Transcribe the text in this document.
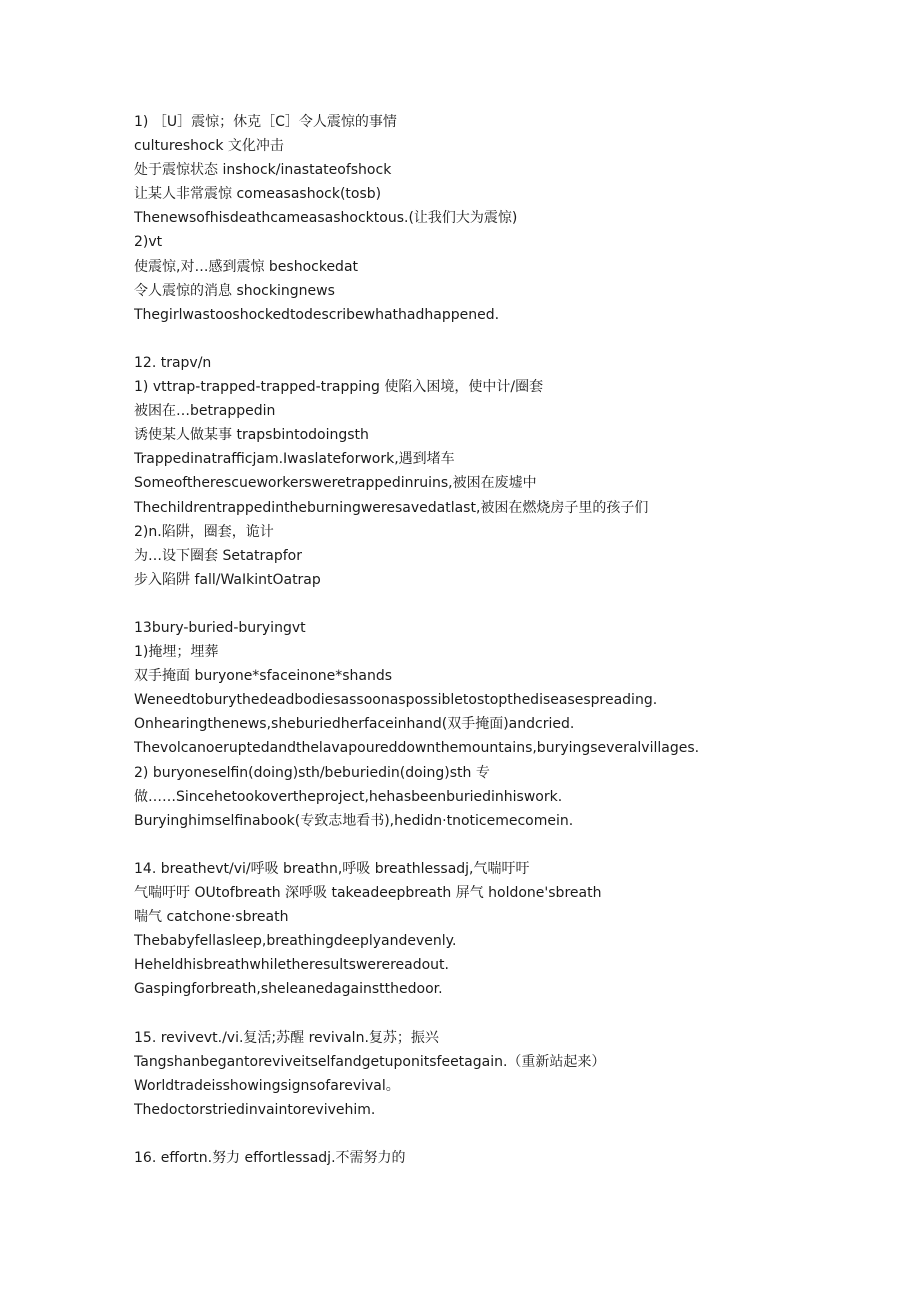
1) ［U］震惊；休克［C］令人震惊的事情
cultureshock 文化冲击
处于震惊状态 inshock/inastateofshock
让某人非常震惊 comeasashock(tosb)
Thenewsofhisdeathcameasashocktous.(让我们大为震惊)
2)vt
使震惊,对…感到震惊 beshockedat
令人震惊的消息 shockingnews
Thegirlwastooshockedtodescribewhathadhappened.
12. trapv/n
1) vttrap-trapped-trapped-trapping 使陷入困境，使中计/圈套
被困在…betrappedin
诱使某人做某事 trapsbintodoingsth
Trappedinatrafficjam.Iwaslateforwork,遇到堵车
Someoftherescueworkersweretrappedinruins,被困在废墟中
Thechildrentrappedintheburningweresavedatlast,被困在燃烧房子里的孩子们
2)n.陷阱，圈套，诡计
为…设下圈套 Setatrapfor
步入陷阱 fall/WaIkintOatrap
13bury-buried-buryingvt
1)掩埋；埋葬
双手掩面 buryone*sfaceinone*shands
Weneedtoburythedeadbodiesassoonaspossibletostopthediseasespreading.
Onhearingthenews,sheburiedherfaceinhand(双手掩面)andcried.
Thevolcanoeruptedandthelavapoureddownthemountains,buryingseveralvillages.
2) buryoneselfin(doing)sth/beburiedin(doing)sth 专
做……Sincehetookovertheproject,hehasbeenburiedinhiswork.
Buryinghimselfinabook(专致志地看书),hedidn·tnoticemecomein.
14. breathevt/vi/呼吸 breathn,呼吸 breathlessadj,气喘吁吁
气喘吁吁 OUtofbreath 深呼吸 takeadeepbreath 屏气 holdone'sbreath
喘气 catchone·sbreath
Thebabyfellasleep,breathingdeeplyandevenly.
Heheldhisbreathwhiletheresultswerereadout.
Gaspingforbreath,sheleanedagainstthedoor.
15. revivevt./vi.复活;苏醒 revivaln.复苏；振兴
Tangshanbegantoreviveitselfandgetuponitsfeetagain.（重新站起来）
Worldtradeisshowingsignsofarevival。
Thedoctorstriedinvaintorevivehim.
16. effortn.努力 effortlessadj.不需努力的
